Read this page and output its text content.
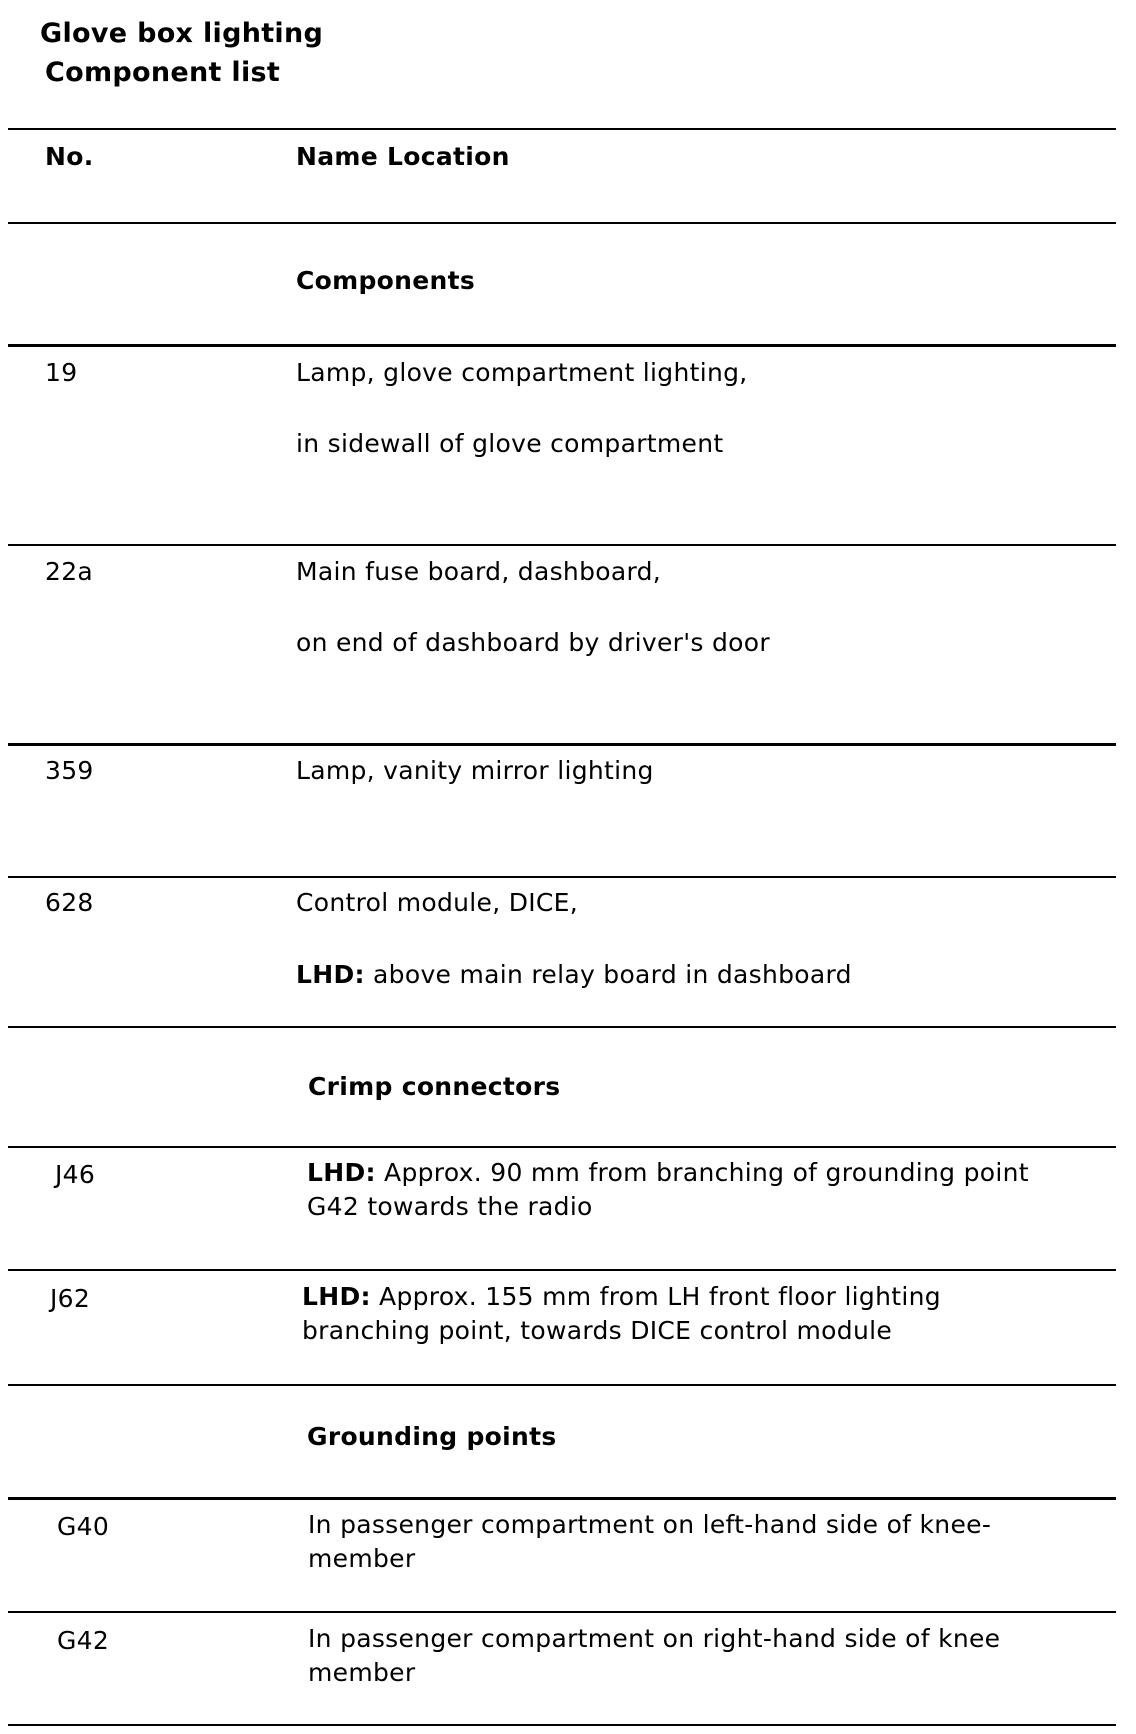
Glove box lighting
Component list
No.	Name Location
Components
19	Lamp, glove compartment lighting,
in sidewall of glove compartment
22a	Main fuse board, dashboard,
on end of dashboard by driver's door
359	Lamp, vanity mirror lighting
628	Control module, DICE,
LHD: above main relay board in dashboard
Crimp connectors
J46	LHD: Approx. 90 mm from branching of grounding point
G42 towards the radio
J62	LHD: Approx. 155 mm from LH front floor lighting
branching point, towards DICE control module
Grounding points
G40	In passenger compartment on left-hand side of knee-
member
G42	In passenger compartment on right-hand side of knee
member
